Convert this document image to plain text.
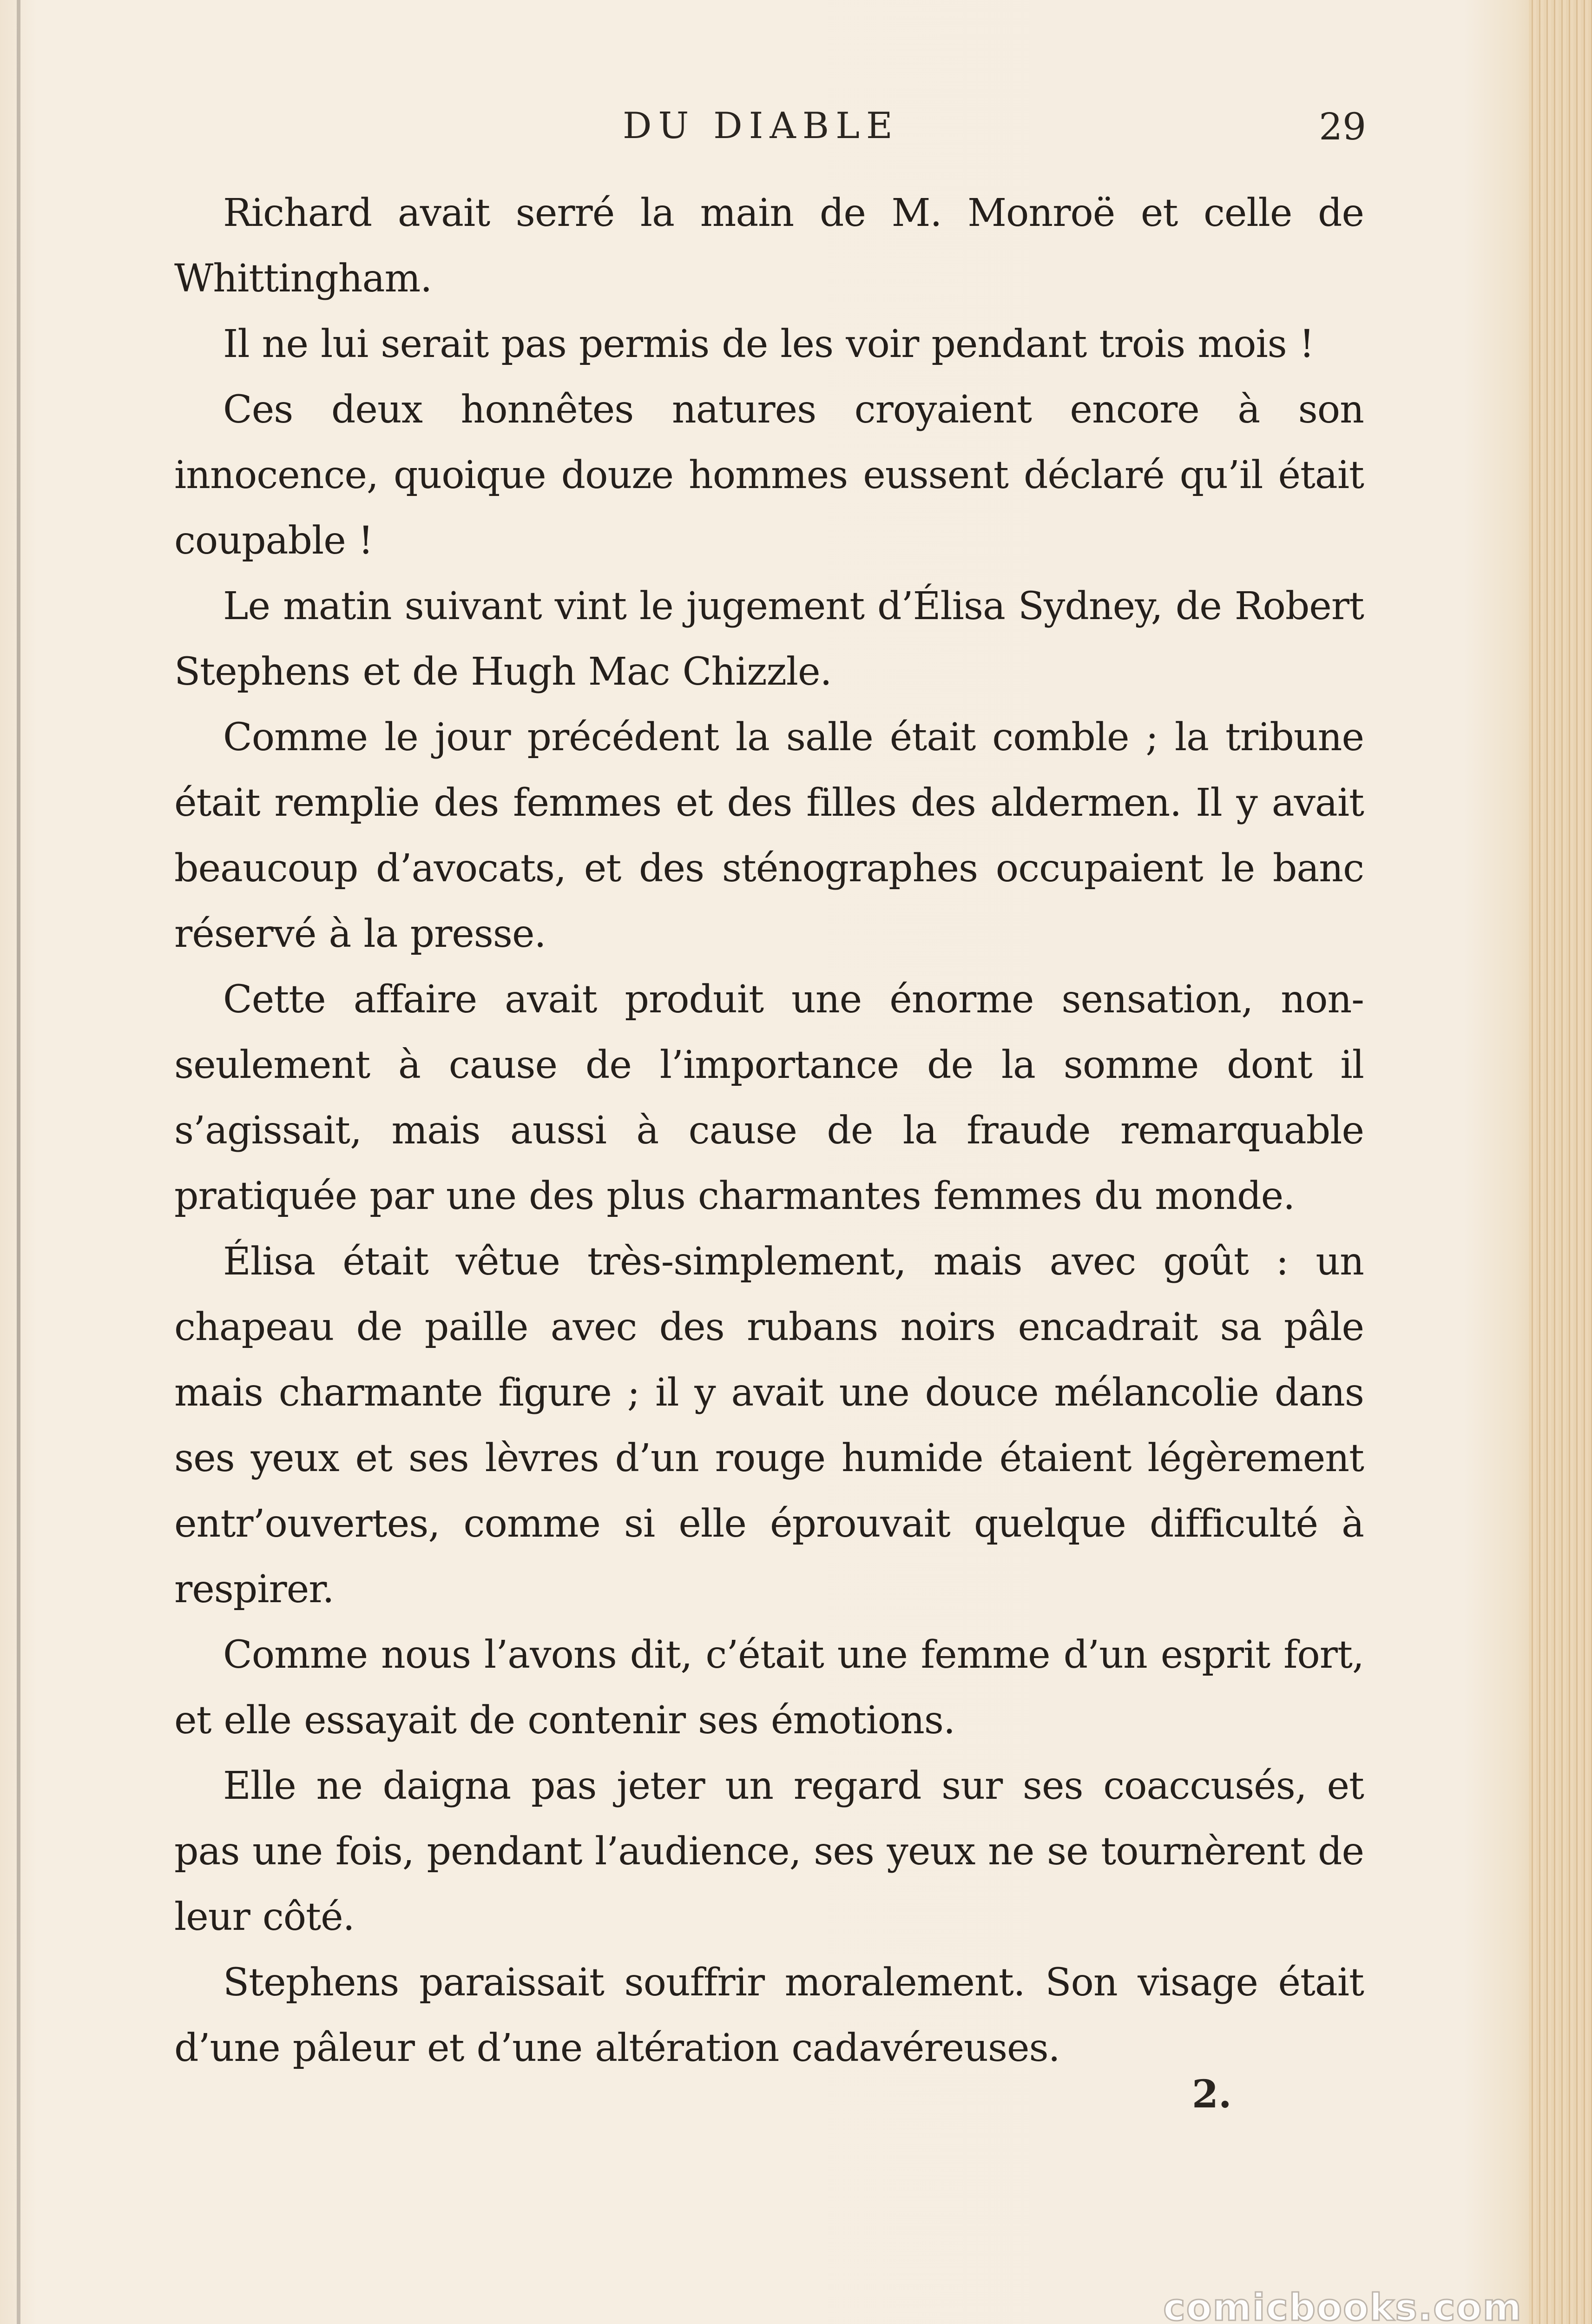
DU DIABLE	29

Richard avait serré la main de M. Monroë et celle de Whittingham.

Il ne lui serait pas permis de les voir pendant trois mois !

Ces deux honnêtes natures croyaient encore à son innocence, quoique douze hommes eussent déclaré qu’il était coupable !

Le matin suivant vint le jugement d’Élisa Sydney, de Robert Stephens et de Hugh Mac Chizzle.

Comme le jour précédent la salle était comble ; la tribune était remplie des femmes et des filles des aldermen. Il y avait beaucoup d’avocats, et des sténographes occupaient le banc réservé à la presse.

Cette affaire avait produit une énorme sensation, non-seulement à cause de l’importance de la somme dont il s’agissait, mais aussi à cause de la fraude remarquable pratiquée par une des plus charmantes femmes du monde.

Élisa était vêtue très-simplement, mais avec goût : un chapeau de paille avec des rubans noirs encadrait sa pâle mais charmante figure ; il y avait une douce mélancolie dans ses yeux et ses lèvres d’un rouge humide étaient légèrement entr’ouvertes, comme si elle éprouvait quelque difficulté à respirer.

Comme nous l’avons dit, c’était une femme d’un esprit fort, et elle essayait de contenir ses émotions.

Elle ne daigna pas jeter un regard sur ses coaccusés, et pas une fois, pendant l’audience, ses yeux ne se tournèrent de leur côté.

Stephens paraissait souffrir moralement. Son visage était d’une pâleur et d’une altération cadavéreuses.

2.
comicbooks.com
